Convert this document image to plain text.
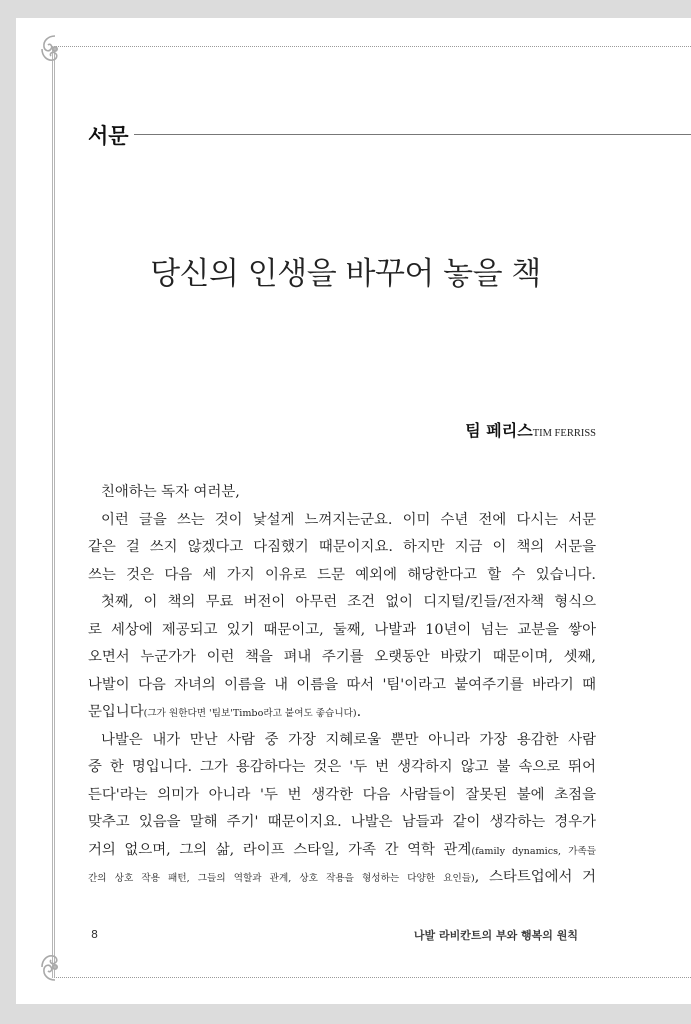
서문
당신의 인생을 바꾸어 놓을 책
팀 페리스TIM FERRISS
친애하는 독자 여러분,
이런 글을 쓰는 것이 낯설게 느껴지는군요. 이미 수년 전에 다시는 서문
같은 걸 쓰지 않겠다고 다짐했기 때문이지요. 하지만 지금 이 책의 서문을
쓰는 것은 다음 세 가지 이유로 드문 예외에 해당한다고 할 수 있습니다.
첫째, 이 책의 무료 버전이 아무런 조건 없이 디지털/킨들/전자책 형식으
로 세상에 제공되고 있기 때문이고, 둘째, 나발과 10년이 넘는 교분을 쌓아
오면서 누군가가 이런 책을 펴내 주기를 오랫동안 바랐기 때문이며, 셋째,
나발이 다음 자녀의 이름을 내 이름을 따서 '팀'이라고 붙여주기를 바라기 때
문입니다(그가 원한다면 '팀보'Timbo라고 붙여도 좋습니다).
나발은 내가 만난 사람 중 가장 지혜로울 뿐만 아니라 가장 용감한 사람
중 한 명입니다. 그가 용감하다는 것은 '두 번 생각하지 않고 불 속으로 뛰어
든다'라는 의미가 아니라 '두 번 생각한 다음 사람들이 잘못된 불에 초점을
맞추고 있음을 말해 주기' 때문이지요. 나발은 남들과 같이 생각하는 경우가
거의 없으며, 그의 삶, 라이프 스타일, 가족 간 역학 관계(family dynamics, 가족들
간의 상호 작용 패턴, 그들의 역할과 관계, 상호 작용을 형성하는 다양한 요인들), 스타트업에서 거
8	나발 라비칸트의 부와 행복의 원칙
